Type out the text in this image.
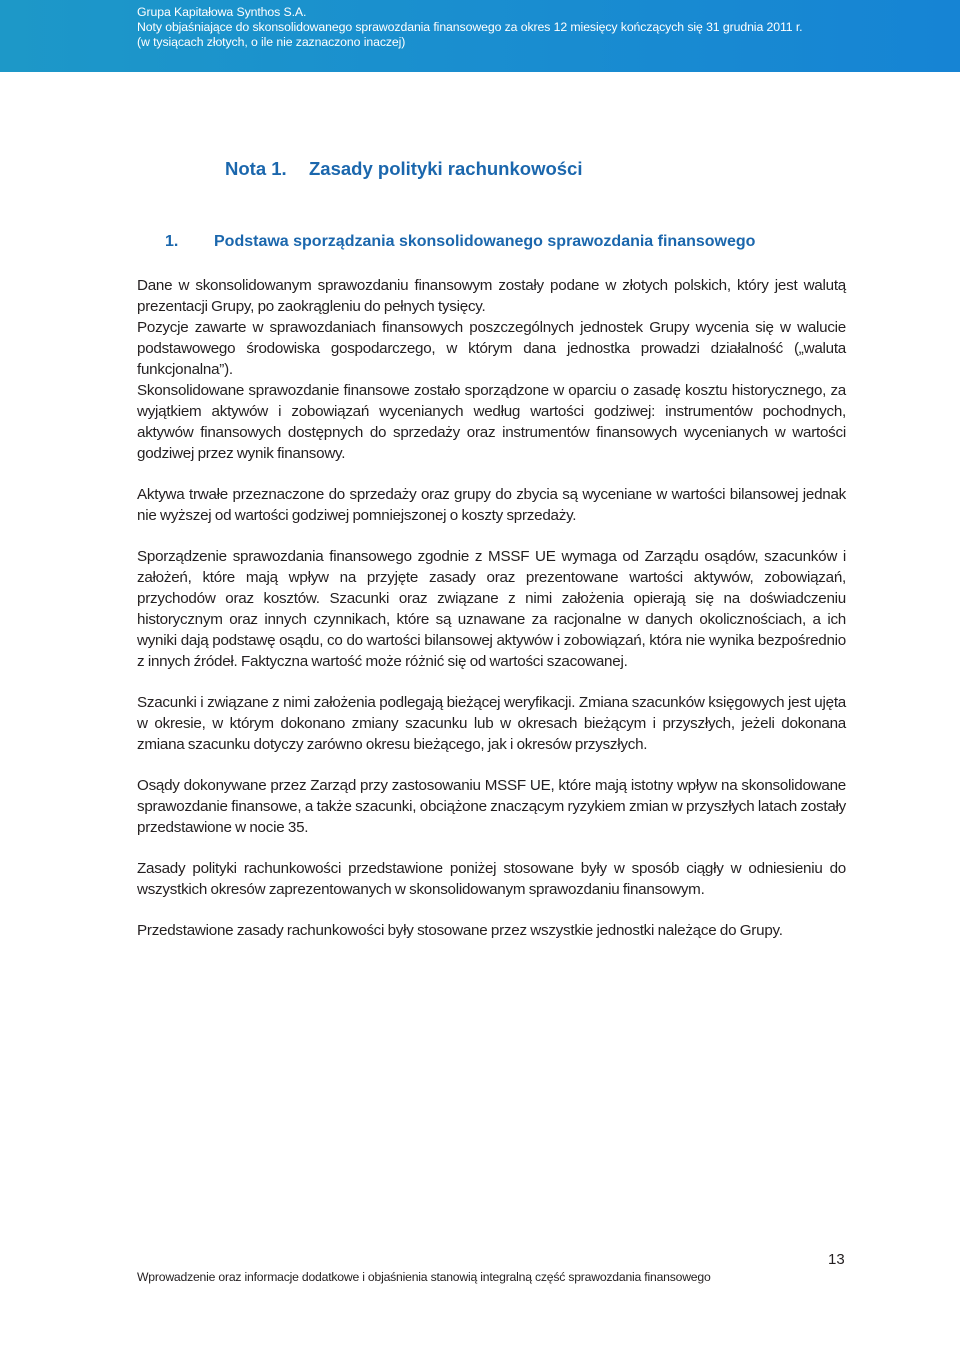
Grupa Kapitałowa Synthos S.A.
Noty objaśniające do skonsolidowanego sprawozdania finansowego za okres 12 miesięcy kończących się 31 grudnia 2011 r.
(w tysiącach złotych, o ile nie zaznaczono inaczej)
Nota 1. Zasady polityki rachunkowości
1. Podstawa sporządzania skonsolidowanego sprawozdania finansowego

Dane w skonsolidowanym sprawozdaniu finansowym zostały podane w złotych polskich, który jest walutą prezentacji Grupy, po zaokrągleniu do pełnych tysięcy.

Pozycje zawarte w sprawozdaniach finansowych poszczególnych jednostek Grupy wycenia się w walucie podstawowego środowiska gospodarczego, w którym dana jednostka prowadzi działalność („waluta funkcjonalna”).

Skonsolidowane sprawozdanie finansowe zostało sporządzone w oparciu o zasadę kosztu historycznego, za wyjątkiem aktywów i zobowiązań wycenianych według wartości godziwej: instrumentów pochodnych, aktywów finansowych dostępnych do sprzedaży oraz instrumentów finansowych wycenianych w wartości godziwej przez wynik finansowy.

Aktywa trwałe przeznaczone do sprzedaży oraz grupy do zbycia są wyceniane w wartości bilansowej jednak nie wyższej od wartości godziwej pomniejszonej o koszty sprzedaży.

Sporządzenie sprawozdania finansowego zgodnie z MSSF UE wymaga od Zarządu osądów, szacunków i założeń, które mają wpływ na przyjęte zasady oraz prezentowane wartości aktywów, zobowiązań, przychodów oraz kosztów. Szacunki oraz związane z nimi założenia opierają się na doświadczeniu historycznym oraz innych czynnikach, które są uznawane za racjonalne w danych okolicznościach, a ich wyniki dają podstawę osądu, co do wartości bilansowej aktywów i zobowiązań, która nie wynika bezpośrednio z innych źródeł. Faktyczna wartość może różnić się od wartości szacowanej.

Szacunki i związane z nimi założenia podlegają bieżącej weryfikacji. Zmiana szacunków księgowych jest ujęta w okresie, w którym dokonano zmiany szacunku lub w okresach bieżącym i przyszłych, jeżeli dokonana zmiana szacunku dotyczy zarówno okresu bieżącego, jak i okresów przyszłych.

Osądy dokonywane przez Zarząd przy zastosowaniu MSSF UE, które mają istotny wpływ na skonsolidowane sprawozdanie finansowe, a także szacunki, obciążone znaczącym ryzykiem zmian w przyszłych latach zostały przedstawione w nocie 35.

Zasady polityki rachunkowości przedstawione poniżej stosowane były w sposób ciągły w odniesieniu do wszystkich okresów zaprezentowanych w skonsolidowanym sprawozdaniu finansowym.

Przedstawione zasady rachunkowości były stosowane przez wszystkie jednostki należące do Grupy.

13
Wprowadzenie oraz informacje dodatkowe i objaśnienia stanowią integralną część sprawozdania finansowego
